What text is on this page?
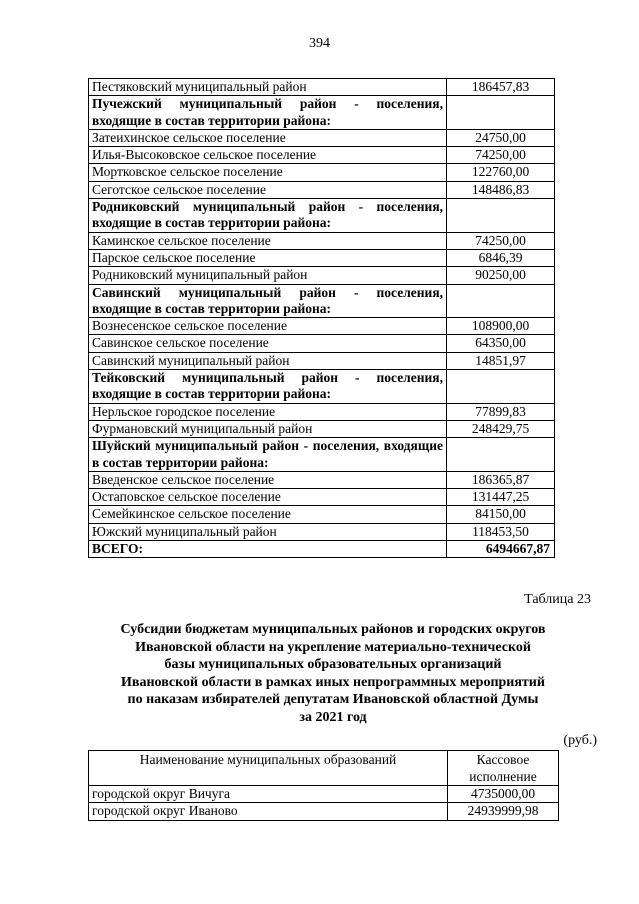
394
Пестяковский муниципальный район	186457,83
Пучежский муниципальный район - поселения, входящие в состав территории района:	
Затеихинское сельское поселение	24750,00
Илья-Высоковское сельское поселение	74250,00
Мортковское сельское поселение	122760,00
Сеготское сельское поселение	148486,83
Родниковский муниципальный район - поселения, входящие в состав территории района:	
Каминское сельское поселение	74250,00
Парское сельское поселение	6846,39
Родниковский муниципальный район	90250,00
Савинский муниципальный район - поселения, входящие в состав территории района:	
Вознесенское сельское поселение	108900,00
Савинское сельское поселение	64350,00
Савинский муниципальный район	14851,97
Тейковский муниципальный район - поселения, входящие в состав территории района:	
Нерльское городское поселение	77899,83
Фурмановский муниципальный район	248429,75
Шуйский муниципальный район - поселения, входящие в состав территории района:	
Введенское сельское поселение	186365,87
Остаповское сельское поселение	131447,25
Семейкинское сельское поселение	84150,00
Южский муниципальный район	118453,50
ВСЕГО:	6494667,87
Таблица 23
Субсидии бюджетам муниципальных районов и городских округов
Ивановской области на укрепление материально-технической
базы муниципальных образовательных организаций
Ивановской области в рамках иных непрограммных мероприятий
по наказам избирателей депутатам Ивановской областной Думы
за 2021 год
(руб.)
Наименование муниципальных образований	Кассовое исполнение
городской округ Вичуга	4735000,00
городской округ Иваново	24939999,98
